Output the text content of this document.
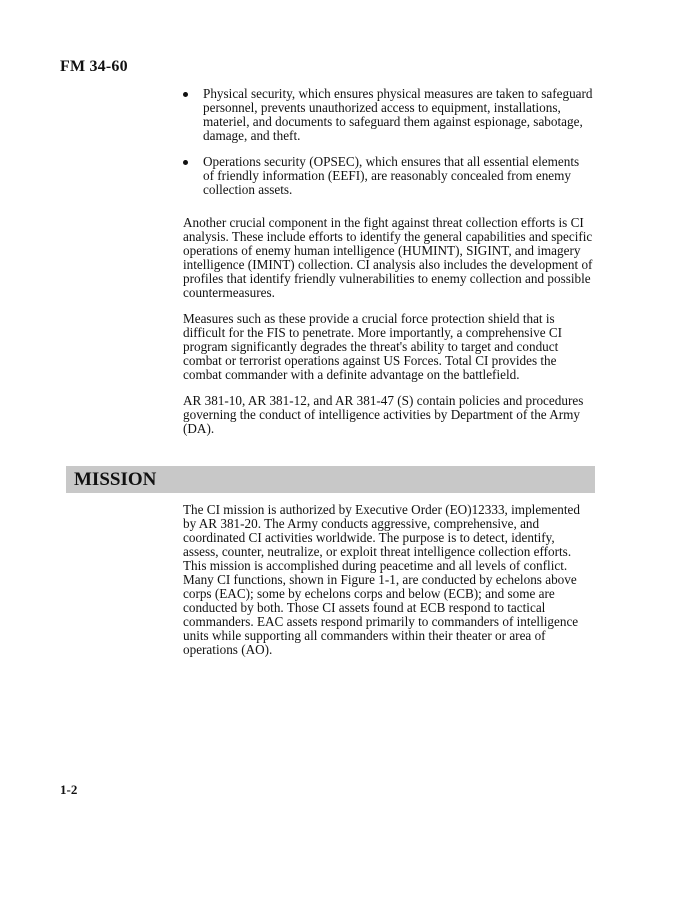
FM 34-60
Physical security, which ensures physical measures are taken to safeguard personnel, prevents unauthorized access to equipment, installations, materiel, and documents to safeguard them against espionage, sabotage, damage, and theft.
Operations security (OPSEC), which ensures that all essential elements of friendly information (EEFI), are reasonably concealed from enemy collection assets.

Another crucial component in the fight against threat collection efforts is CI analysis. These include efforts to identify the general capabilities and specific operations of enemy human intelligence (HUMINT), SIGINT, and imagery intelligence (IMINT) collection. CI analysis also includes the development of profiles that identify friendly vulnerabilities to enemy collection and possible countermeasures.

Measures such as these provide a crucial force protection shield that is difficult for the FIS to penetrate. More importantly, a comprehensive CI program significantly degrades the threat's ability to target and conduct combat or terrorist operations against US Forces. Total CI provides the combat commander with a definite advantage on the battlefield.

AR 381-10, AR 381-12, and AR 381-47 (S) contain policies and procedures governing the conduct of intelligence activities by Department of the Army (DA).

MISSION

The CI mission is authorized by Executive Order (EO)12333, implemented by AR 381-20. The Army conducts aggressive, comprehensive, and coordinated CI activities worldwide. The purpose is to detect, identify, assess, counter, neutralize, or exploit threat intelligence collection efforts. This mission is accomplished during peacetime and all levels of conflict. Many CI functions, shown in Figure 1-1, are conducted by echelons above corps (EAC); some by echelons corps and below (ECB); and some are conducted by both. Those CI assets found at ECB respond to tactical commanders. EAC assets respond primarily to commanders of intelligence units while supporting all commanders within their theater or area of operations (AO).

1-2
